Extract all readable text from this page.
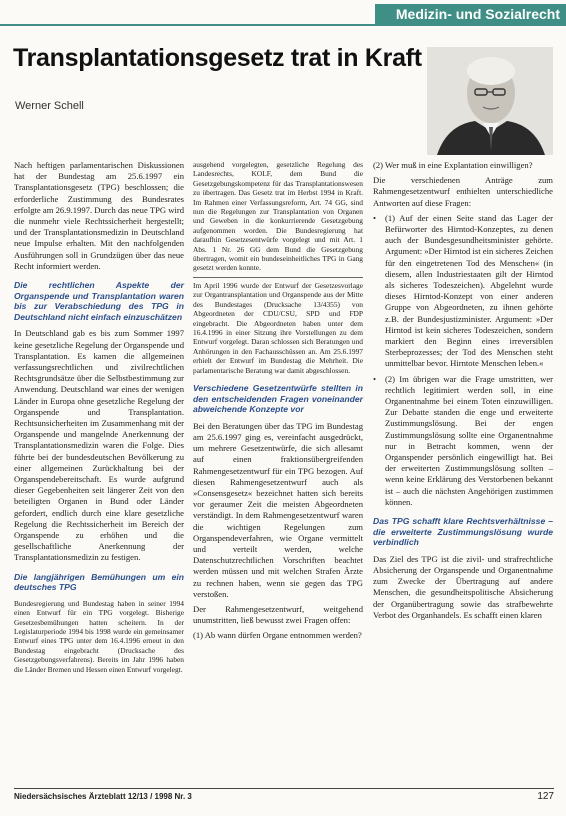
Medizin- und Sozialrecht
Transplantationsgesetz trat in Kraft
Werner Schell

Nach heftigen parlamentarischen Diskussionen hat der Bundestag am 25.6.1997 ein Transplantationsgesetz (TPG) beschlossen; die erforderliche Zustimmung des Bundesrates erfolgte am 26.9.1997. Durch das neue TPG wird die nunmehr viele Rechtssicherheit hergestellt; und der Transplantationsmedizin in Deutschland neue Impulse erhalten. Mit den nachfolgenden Ausführungen soll in Grundzügen über das neue Recht informiert werden.

Die rechtlichen Aspekte der Organspende und Transplantation waren bis zur Verabschiedung des TPG in Deutschland nicht einfach einzuschätzen

In Deutschland gab es bis zum Sommer 1997 keine gesetzliche Regelung der Organspende und Transplantation. Es kamen die allgemeinen verfassungsrechtlichen und zivilrechtlichen Rechtsgrundsätze über die Selbstbestimmung zur Anwendung. Deutschland war eines der wenigen Länder in Europa ohne gesetzliche Regelung der Organspende und Transplantation. Rechtsunsicherheiten im Zusammenhang mit der Organspende und mangelnde Anerkennung der Transplantationsmedizin waren die Folge. Dies führte bei der bundesdeutschen Bevölkerung zu einer allgemeinen Zurückhaltung bei der Organspendebereitschaft. Es wurde aufgrund dieser Gegebenheiten seit längerer Zeit von den beteiligten Organen in Bund oder Länder gefordert, endlich durch eine klare gesetzliche Regelung die Rechtssicherheit im Bereich der Organspende zu erhöhen und die gesellschaftliche Anerkennung der Transplantationsmedizin zu festigen.

Die langjährigen Bemühungen um ein deutsches TPG

Bundesregierung und Bundestag haben in seiner 1994 einen Entwurf für ein TPG vorgelegt. Bisherige Gesetzesbemühungen hatten scheitern. In der Legislaturperiode 1994 bis 1998 wurde ein gemeinsamer Entwurf eines TPG unter dem 16.4.1996 erneut in den Bundestag eingebracht (Drucksache des Gesetzgebungsverfahrens). Bereits im Jahr 1996 haben die Länder Bremen und Hessen einen Entwurf vorgelegt.

ausgehend vorgelegten, gesetzliche Regelung des Landesrechts, KOLF, dem Bund die Gesetzgebungskompetenz für das Transplantationswesen zu übertragen. Das Gesetz trat im Herbst 1994 in Kraft. Im Rahmen einer Verfassungsreform, Art. 74 GG, sind nun die Regelungen zur Transplantation von Organen und Geweben in die konkurrierende Gesetzgebung aufgenommen worden. Die Bundesregierung hat daraufhin Gesetzesentwürfe vorgelegt und mit Art. 1 Abs. 1 Nr. 26 GG dem Bund die Gesetzgebung übertragen, womit ein bundeseinheitliches TPG in Gang gesetzt werden konnte.

Im April 1996 wurde der Entwurf der Gesetzesvorlage zur Organtransplantation und Organspende aus der Mitte des Bundestages (Drucksache 13/4355) von Abgeordneten der CDU/CSU, SPD und FDP eingebracht. Die Abgeordneten haben unter dem 16.4.1996 in einer Sitzung ihre Vorstellungen zu dem Entwurf vorgelegt. Daran schlossen sich Beratungen und Anhörungen in den Fachausschüssen an. Am 25.6.1997 erhielt der Entwurf im Bundestag die Mehrheit. Die parlamentarische Beratung war damit abgeschlossen.

Verschiedene Gesetzentwürfe stellten in den entscheidenden Fragen voneinander abweichende Konzepte vor

Bei den Beratungen über das TPG im Bundestag am 25.6.1997 ging es, vereinfacht ausgedrückt, um mehrere Gesetzentwürfe, die sich allesamt auf einen fraktionsübergreifenden Rahmengesetzentwurf für ein TPG bezogen. Auf diesen Rahmengesetzentwurf auch als »Consensgesetz« bezeichnet hatten sich bereits vor geraumer Zeit die meisten Abgeordneten verständigt. In dem Rahmengesetzentwurf waren die wichtigen Regelungen zum Organspendeverfahren, wie Organe vermittelt und verteilt werden, welche Datenschutzrechtlichen Vorschriften beachtet werden müssen und mit welchen Strafen Ärzte zu rechnen haben, wenn sie gegen das TPG verstoßen.

Der Rahmengesetzentwurf, weitgehend unumstritten, ließ bewusst zwei Fragen offen:

(1) Ab wann dürfen Organe entnommen werden?

(2) Wer muß in eine Explantation einwilligen?

Die verschiedenen Anträge zum Rahmengesetzentwurf enthielten unterschiedliche Antworten auf diese Fragen:

• (1) Auf der einen Seite stand das Lager der Befürworter des Hirntod-Konzeptes, zu denen auch der Bundesgesundheitsminister gehörte. Argument: »Der Hirntod ist ein sicheres Zeichen für den eingetretenen Tod des Menschen« (in diesem, allen Industriestaaten gilt der Hirntod als sicheres Todeszeichen). Abgelehnt wurde dieses Hirntod-Konzept von einer anderen Gruppe von Abgeordneten, zu ihnen gehörte z.B. der Bundesjustizminister. Argument: »Der Hirntod ist kein sicheres Todeszeichen, sondern markiert den Beginn eines irreversiblen Sterbeprozesses; der Tod des Menschen steht unmittelbar bevor. Hirntote Menschen leben.«
• (2) Im übrigen war die Frage umstritten, wer rechtlich legitimiert werden soll, in eine Organentnahme bei einem Toten einzuwilligen. Zur Debatte standen die enge und erweiterte Zustimmungslösung. Bei der engen Zustimmungslösung sollte eine Organentnahme nur in Betracht kommen, wenn der Organspender persönlich eingewilligt hat. Bei der erweiterten Zustimmungslösung sollten – wenn keine Erklärung des Verstorbenen bekannt ist – auch die nächsten Angehörigen zustimmen können.
Das TPG schafft klare Rechtsverhältnisse – die erweiterte Zustimmungslösung wurde verbindlich

Das Ziel des TPG ist die zivil- und strafrechtliche Absicherung der Organspende und Organentnahme zum Zwecke der Übertragung auf andere Menschen, die gesundheitspolitische Absicherung der Organübertragung sowie das strafbewehrte Verbot des Organhandels. Es schafft einen klaren

Niedersächsisches Ärzteblatt 12/13 / 1998 Nr. 3	127
